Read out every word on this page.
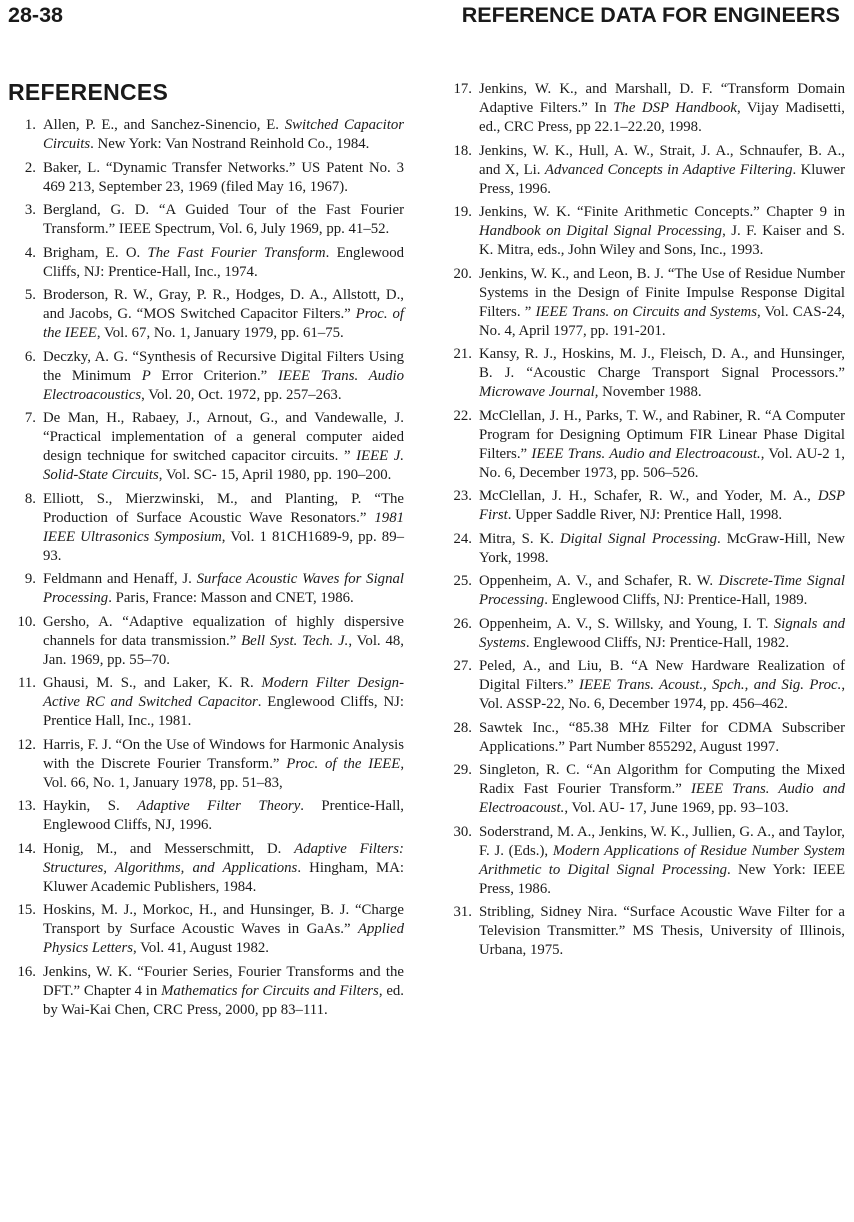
28-38	REFERENCE DATA FOR ENGINEERS
REFERENCES
1. Allen, P. E., and Sanchez-Sinencio, E. Switched Capacitor Circuits. New York: Van Nostrand Reinhold Co., 1984.
2. Baker, L. “Dynamic Transfer Networks.” US Patent No. 3 469 213, September 23, 1969 (filed May 16, 1967).
3. Bergland, G. D. “A Guided Tour of the Fast Fourier Transform.” IEEE Spectrum, Vol. 6, July 1969, pp. 41–52.
4. Brigham, E. O. The Fast Fourier Transform. Englewood Cliffs, NJ: Prentice-Hall, Inc., 1974.
5. Broderson, R. W., Gray, P. R., Hodges, D. A., Allstott, D., and Jacobs, G. “MOS Switched Capacitor Filters.” Proc. of the IEEE, Vol. 67, No. 1, January 1979, pp. 61–75.
6. Deczky, A. G. “Synthesis of Recursive Digital Filters Using the Minimum P Error Criterion.” IEEE Trans. Audio Electroacoustics, Vol. 20, Oct. 1972, pp. 257–263.
7. De Man, H., Rabaey, J., Arnout, G., and Vandewalle, J. “Practical implementation of a general computer aided design technique for switched capacitor circuits. ” IEEE J. Solid-State Circuits, Vol. SC- 15, April 1980, pp. 190–200.
8. Elliott, S., Mierzwinski, M., and Planting, P. “The Production of Surface Acoustic Wave Resonators.” 1981 IEEE Ultrasonics Symposium, Vol. 1 81CH1689-9, pp. 89–93.
9. Feldmann and Henaff, J. Surface Acoustic Waves for Signal Processing. Paris, France: Masson and CNET, 1986.
10. Gersho, A. “Adaptive equalization of highly dispersive channels for data transmission.” Bell Syst. Tech. J., Vol. 48, Jan. 1969, pp. 55–70.
11. Ghausi, M. S., and Laker, K. R. Modern Filter Design-Active RC and Switched Capacitor. Englewood Cliffs, NJ: Prentice Hall, Inc., 1981.
12. Harris, F. J. “On the Use of Windows for Harmonic Analysis with the Discrete Fourier Transform.” Proc. of the IEEE, Vol. 66, No. 1, January 1978, pp. 51–83,
13. Haykin, S. Adaptive Filter Theory. Prentice-Hall, Englewood Cliffs, NJ, 1996.
14. Honig, M., and Messerschmitt, D. Adaptive Filters: Structures, Algorithms, and Applications. Hingham, MA: Kluwer Academic Publishers, 1984.
15. Hoskins, M. J., Morkoc, H., and Hunsinger, B. J. “Charge Transport by Surface Acoustic Waves in GaAs.” Applied Physics Letters, Vol. 41, August 1982.
16. Jenkins, W. K. “Fourier Series, Fourier Transforms and the DFT.” Chapter 4 in Mathematics for Circuits and Filters, ed. by Wai-Kai Chen, CRC Press, 2000, pp 83–111.
17. Jenkins, W. K., and Marshall, D. F. “Transform Domain Adaptive Filters.” In The DSP Handbook, Vijay Madisetti, ed., CRC Press, pp 22.1–22.20, 1998.
18. Jenkins, W. K., Hull, A. W., Strait, J. A., Schnaufer, B. A., and X, Li. Advanced Concepts in Adaptive Filtering. Kluwer Press, 1996.
19. Jenkins, W. K. “Finite Arithmetic Concepts.” Chapter 9 in Handbook on Digital Signal Processing, J. F. Kaiser and S. K. Mitra, eds., John Wiley and Sons, Inc., 1993.
20. Jenkins, W. K., and Leon, B. J. “The Use of Residue Number Systems in the Design of Finite Impulse Response Digital Filters. ” IEEE Trans. on Circuits and Systems, Vol. CAS-24, No. 4, April 1977, pp. 191-201.
21. Kansy, R. J., Hoskins, M. J., Fleisch, D. A., and Hunsinger, B. J. “Acoustic Charge Transport Signal Processors.” Microwave Journal, November 1988.
22. McClellan, J. H., Parks, T. W., and Rabiner, R. “A Computer Program for Designing Optimum FIR Linear Phase Digital Filters.” IEEE Trans. Audio and Electroacoust., Vol. AU-2 1, No. 6, December 1973, pp. 506–526.
23. McClellan, J. H., Schafer, R. W., and Yoder, M. A., DSP First. Upper Saddle River, NJ: Prentice Hall, 1998.
24. Mitra, S. K. Digital Signal Processing. McGraw-Hill, New York, 1998.
25. Oppenheim, A. V., and Schafer, R. W. Discrete-Time Signal Processing. Englewood Cliffs, NJ: Prentice-Hall, 1989.
26. Oppenheim, A. V., S. Willsky, and Young, I. T. Signals and Systems. Englewood Cliffs, NJ: Prentice-Hall, 1982.
27. Peled, A., and Liu, B. “A New Hardware Realization of Digital Filters.” IEEE Trans. Acoust., Spch., and Sig. Proc., Vol. ASSP-22, No. 6, December 1974, pp. 456–462.
28. Sawtek Inc., “85.38 MHz Filter for CDMA Subscriber Applications.” Part Number 855292, August 1997.
29. Singleton, R. C. “An Algorithm for Computing the Mixed Radix Fast Fourier Transform.” IEEE Trans. Audio and Electroacoust., Vol. AU- 17, June 1969, pp. 93–103.
30. Soderstrand, M. A., Jenkins, W. K., Jullien, G. A., and Taylor, F. J. (Eds.), Modern Applications of Residue Number System Arithmetic to Digital Signal Processing. New York: IEEE Press, 1986.
31. Stribling, Sidney Nira. “Surface Acoustic Wave Filter for a Television Transmitter.” MS Thesis, University of Illinois, Urbana, 1975.
